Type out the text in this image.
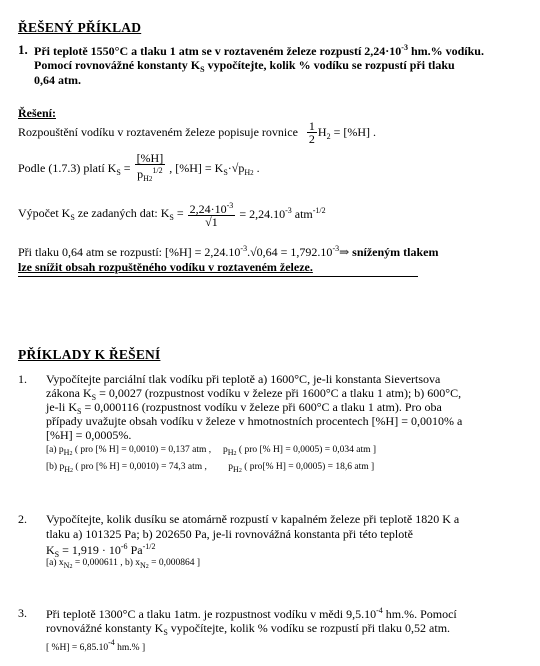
ŘEŠENÝ PŘÍKLAD
1. Při teplotě 1550°C a tlaku 1 atm se v roztaveném železe rozpustí $2,24\cdot 10^{-3}$ hm.% vodíku.
Pomocí rovnovážné konstanty $K_S$ vypočítejte, kolik % vodíku se rozpustí při tlaku
0,64 atm.
Řešení:
Rozpouštění vodíku v roztaveném železe popisuje rovnice $\frac{1}{2} H_2 = [\%H]$ .
Podle (1.7.3) platí $K_S = \frac{[\%H]}{p_{H2}^{1/2}}$ , $[\%H] = K_S\cdot√p_{H2}$ .
Výpočet $K_S$ ze zadaných dat: $K_S = \frac{2,24\cdot 10^{-3}}{√1} = 2,24.10^{-3}$ atm$^{-1/2}$
Při tlaku 0,64 atm se rozpustí: $[\%H] = 2,24.10^{-3}.√0,64$ = $1,792.10^{-3}\Rightarrow$ sníženým tlakem
lze snížit obsah rozpuštěného vodíku v roztaveném železe.
PŘÍKLADY K ŘEŠENÍ
1. Vypočítejte parciální tlak vodíku při teplotě a) 1600°C, je-li konstanta Sievertsova
zákona $K_S = 0,0027$ (rozpustnost vodíku v železe při 1600°C a tlaku 1 atm); b) 600°C,
je-li $K_S = 0,000116$ (rozpustnost vodíku v železe při 600°C a tlaku 1 atm). Pro oba
případy uvažujte obsah vodíku v železe v hmotnostních procentech [%H] = 0,0010% a
[%H] = 0,0005%.
[a) $p_{H2}$ ( pro [% H] = 0,0010) = 0,137 atm , $p_{H2}$ ( pro [% H] = 0,0005) = 0,034 atm ]
[b) $p_{H2}$ ( pro [% H] = 0,0010) = 74,3 atm , $p_{H2}$ ( pro[% H] = 0,0005) = 18,6 atm ]
2. Vypočítejte, kolik dusíku se atomárně rozpustí v kapalném železe při teplotě 1820 K a
tlaku a) 101325 Pa; b) 202650 Pa, je-li rovnovážná konstanta při této teplotě
$K_S = 1,919 \cdot 10^{-6}$ $Pa^{-1/2}$
[a) $x_{N2} = 0,000611$ , b) $x_{N2} = 0,000864$ ]
3. Při teplotě 1300°C a tlaku 1atm. je rozpustnost vodíku v mědi $9,5.10^{-4}$ hm.%. Pomocí
rovnovážné konstanty $K_S$ vypočítejte, kolik % vodíku se rozpustí při tlaku 0,52 atm.
[ $\%H] = 6,85.10^{-4}$ hm.% ]
